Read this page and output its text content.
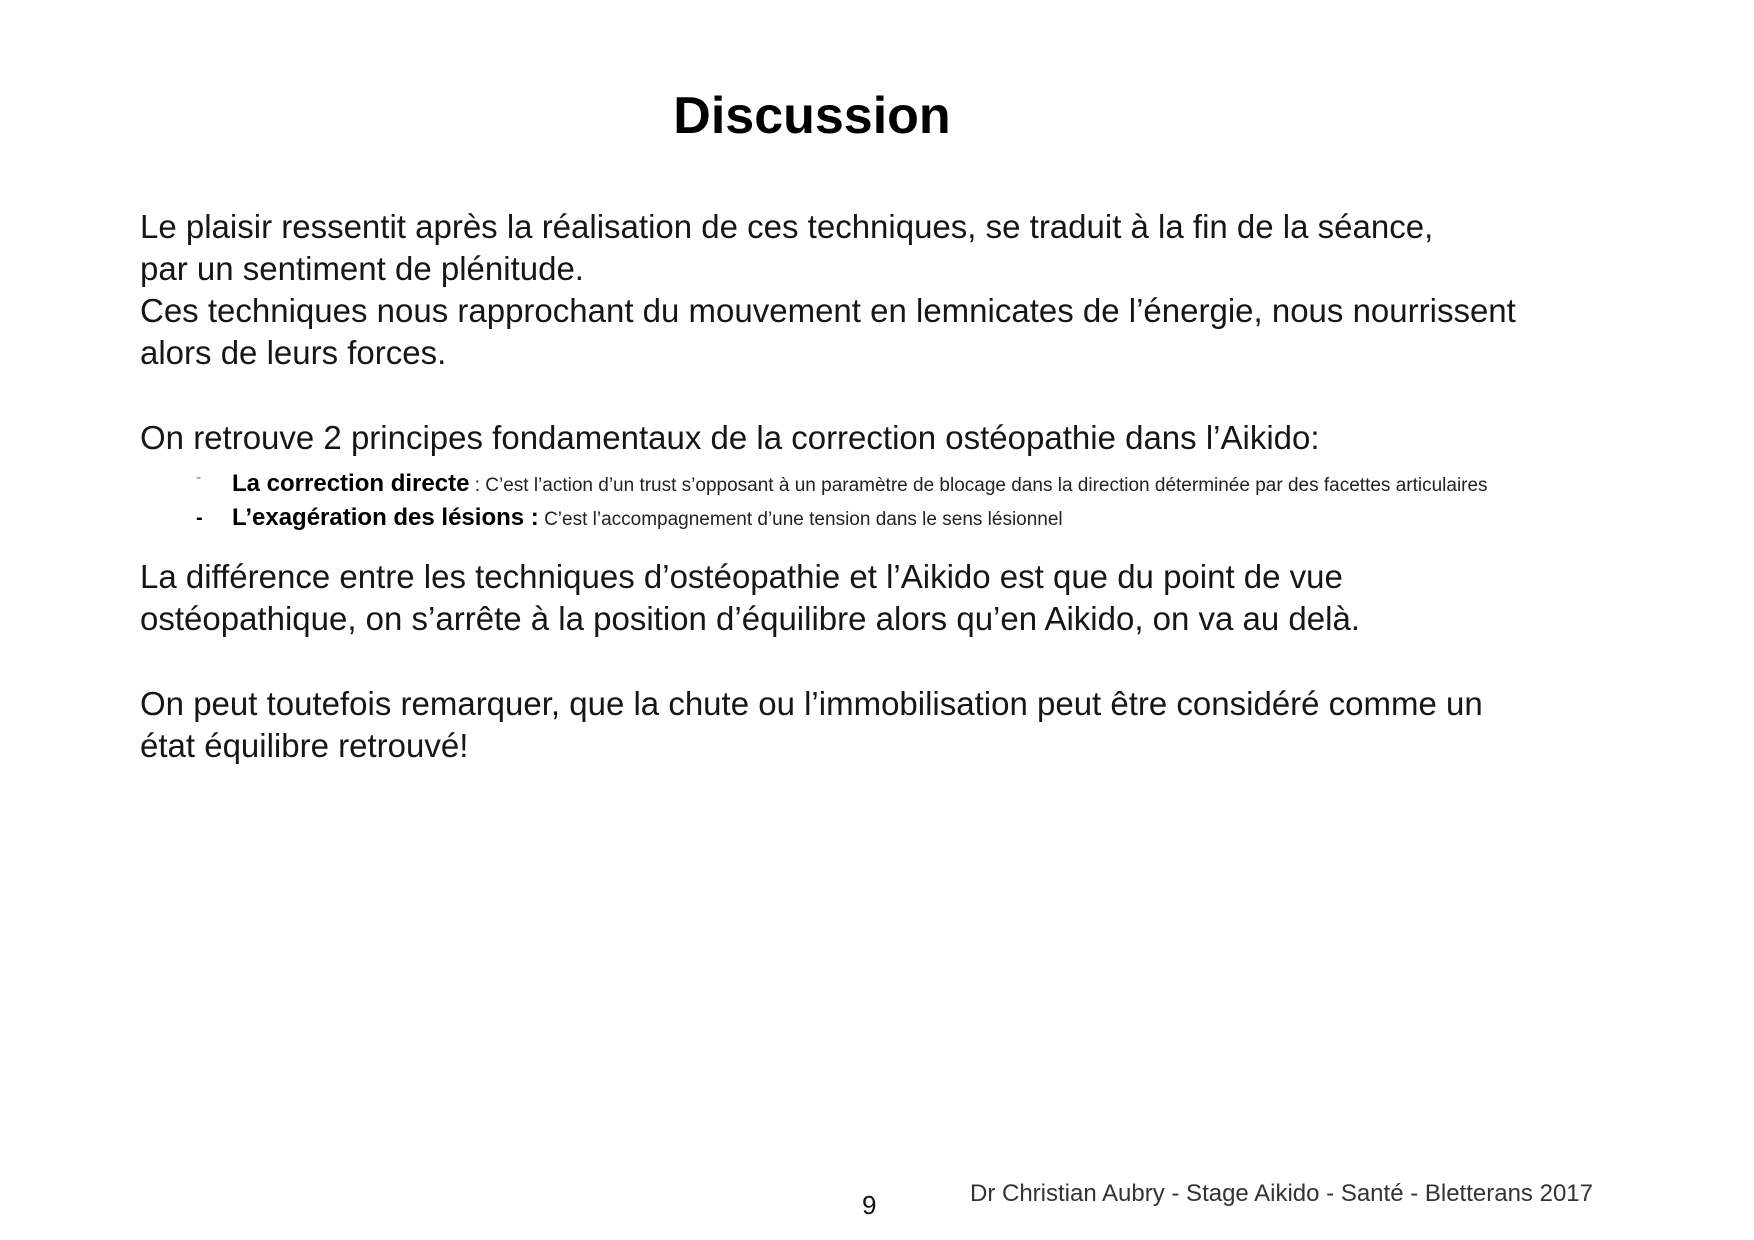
Discussion

Le plaisir ressentit après la réalisation de ces techniques, se traduit à la fin de la séance,
par un sentiment de plénitude.
Ces techniques nous rapprochant du mouvement en lemnicates de l’énergie, nous nourrissent
alors de leurs forces.

On retrouve 2 principes fondamentaux de la correction ostéopathie dans l’Aikido:

- La correction directe : C’est l’action d’un trust s’opposant à un paramètre de blocage dans la direction déterminée par des facettes articulaires
- L’exagération des lésions : C’est l’accompagnement d’une tension dans le sens lésionnel

La différence entre les techniques d’ostéopathie et l’Aikido est que du point de vue
ostéopathique, on s’arrête à la position d’équilibre alors qu’en Aikido, on va au delà.

On peut toutefois remarquer, que la chute ou l’immobilisation peut être considéré comme un
état équilibre retrouvé!

9	Dr Christian Aubry - Stage Aikido - Santé - Bletterans 2017
